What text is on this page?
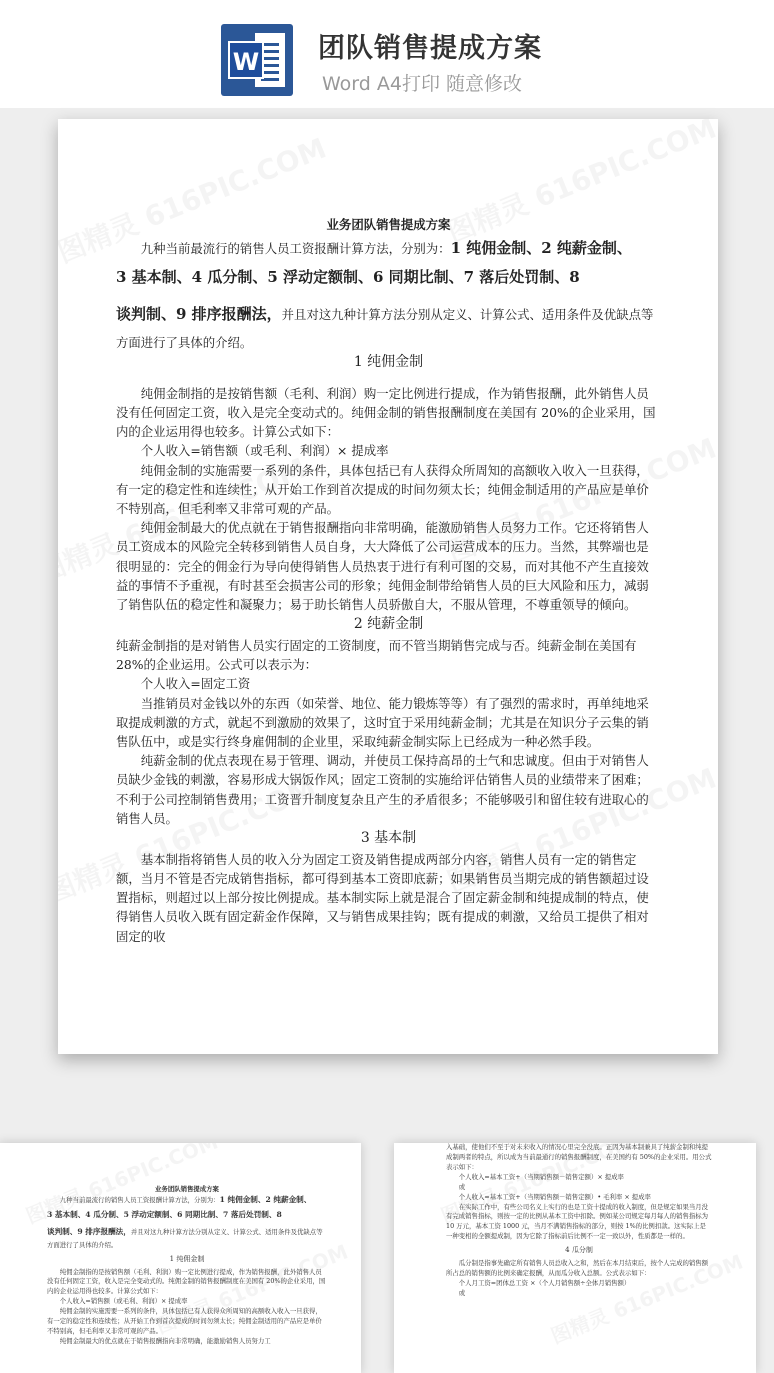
W 团队销售提成方案
Word A4打印 随意修改

业务团队销售提成方案

九种当前最流行的销售人员工资报酬计算方法，分别为：1 纯佣金制、2 纯薪金制、

3 基本制、4 瓜分制、5 浮动定额制、6 同期比制、7 落后处罚制、8

谈判制、9 排序报酬法，并且对这九种计算方法分别从定义、计算公式、适用条件及优缺点等方面进行了具体的介绍。

1 纯佣金制

纯佣金制指的是按销售额（毛利、利润）购一定比例进行提成，作为销售报酬，此外销售人员没有任何固定工资，收入是完全变动式的。纯佣金制的销售报酬制度在美国有 20%的企业采用，国内的企业运用得也较多。计算公式如下：

个人收入=销售额（或毛利、利润）× 提成率

纯佣金制的实施需要一系列的条件，具体包括已有人获得众所周知的高额收入收入一旦获得，有一定的稳定性和连续性；从开始工作到首次提成的时间勿须太长；纯佣金制适用的产品应是单价不特别高，但毛利率又非常可观的产品。

纯佣金制最大的优点就在于销售报酬指向非常明确，能激励销售人员努力工作。它还将销售人员工资成本的风险完全转移到销售人员自身，大大降低了公司运营成本的压力。当然，其弊端也是很明显的：完全的佣金行为导向使得销售人员热衷于进行有利可图的交易，而对其他不产生直接效益的事情不予重视，有时甚至会损害公司的形象；纯佣金制带给销售人员的巨大风险和压力，减弱了销售队伍的稳定性和凝聚力；易于助长销售人员骄傲自大，不服从管理，不尊重领导的倾向。

2 纯薪金制

纯薪金制指的是对销售人员实行固定的工资制度，而不管当期销售完成与否。纯薪金制在美国有 28%的企业运用。公式可以表示为：

个人收入=固定工资

当推销员对金钱以外的东西（如荣誉、地位、能力锻炼等等）有了强烈的需求时，再单纯地采取提成刺激的方式，就起不到激励的效果了，这时宜于采用纯薪金制；尤其是在知识分子云集的销售队伍中，或是实行终身雇佣制的企业里，采取纯薪金制实际上已经成为一种必然手段。

纯薪金制的优点表现在易于管理、调动，并使员工保持高昂的士气和忠诚度。但由于对销售人员缺少金钱的刺激，容易形成大锅饭作风；固定工资制的实施给评估销售人员的业绩带来了困难；不利于公司控制销售费用；工资晋升制度复杂且产生的矛盾很多；不能够吸引和留住较有进取心的销售人员。

3 基本制

基本制指将销售人员的收入分为固定工资及销售提成两部分内容，销售人员有一定的销售定额，当月不管是否完成销售指标，都可得到基本工资即底薪；如果销售员当期完成的销售额超过设置指标，则超过以上部分按比例提成。基本制实际上就是混合了固定薪金制和纯提成制的特点，使得销售人员收入既有固定薪金作保障，又与销售成果挂钩；既有提成的刺激，又给员工提供了相对固定的收

业务团队销售提成方案

九种当前最流行的销售人员工资报酬计算方法，分别为：1 纯佣金制、2 纯薪金制、

3 基本制、4 瓜分制、5 浮动定额制、6 同期比制、7 落后处罚制、8

谈判制、9 排序报酬法，并且对这九种计算方法分别从定义、计算公式、适用条件及优缺点等方面进行了具体的介绍。

1 纯佣金制

纯佣金制指的是按销售额（毛利、利润）购一定比例进行提成，作为销售报酬，此外销售人员没有任何固定工资，收入是完全变动式的。纯佣金制的销售报酬制度在美国有 20%的企业采用，国内的企业运用得也较多。计算公式如下：

个人收入=销售额（或毛利、利润）× 提成率

纯佣金制的实施需要一系列的条件，具体包括已有人获得众所周知的高额收入收入一旦获得，有一定的稳定性和连续性；从开始工作到首次提成的时间勿须太长；纯佣金制适用的产品应是单价不特别高，但毛利率又非常可观的产品。

纯佣金制最大的优点就在于销售报酬指向非常明确，能激励销售人员努力工

入基础，使他们不至于对未来收入的情况心里完全没底。正因为基本制兼具了纯薪金制和纯提成制两者的特点，所以成为当前最通行的销售报酬制度，在美国约有 50%的企业采用。用公式表示如下：

个人收入=基本工资+（当期销售额－销售定额）× 提成率

或

个人收入=基本工资+（当期销售额－销售定额）• 毛利率 × 提成率

在实际工作中，有些公司名义上实行的也是工资十提成的收入制度，但是规定如果当月没有完成销售指标，则按一定的比例从基本工资中扣除。例如某公司规定每月每人的销售指标为 10 万元，基本工资 1000 元，当月不满销售指标的部分，则按 1%的比例扣款。这实际上是一种变相的全额提成制，因为它除了指标前后比例不一定一致以外，性质都是一样的。

4 瓜分制

瓜分制是指事先确定所有销售人员总收入之和，然后在本月结束后，按个人完成的销售额所占总的销售额的比例来确定报酬，从而瓜分收入总额。公式表示如下：

个人月工资=团体总工资 ×（个人月销售额÷全体月销售额）

或
